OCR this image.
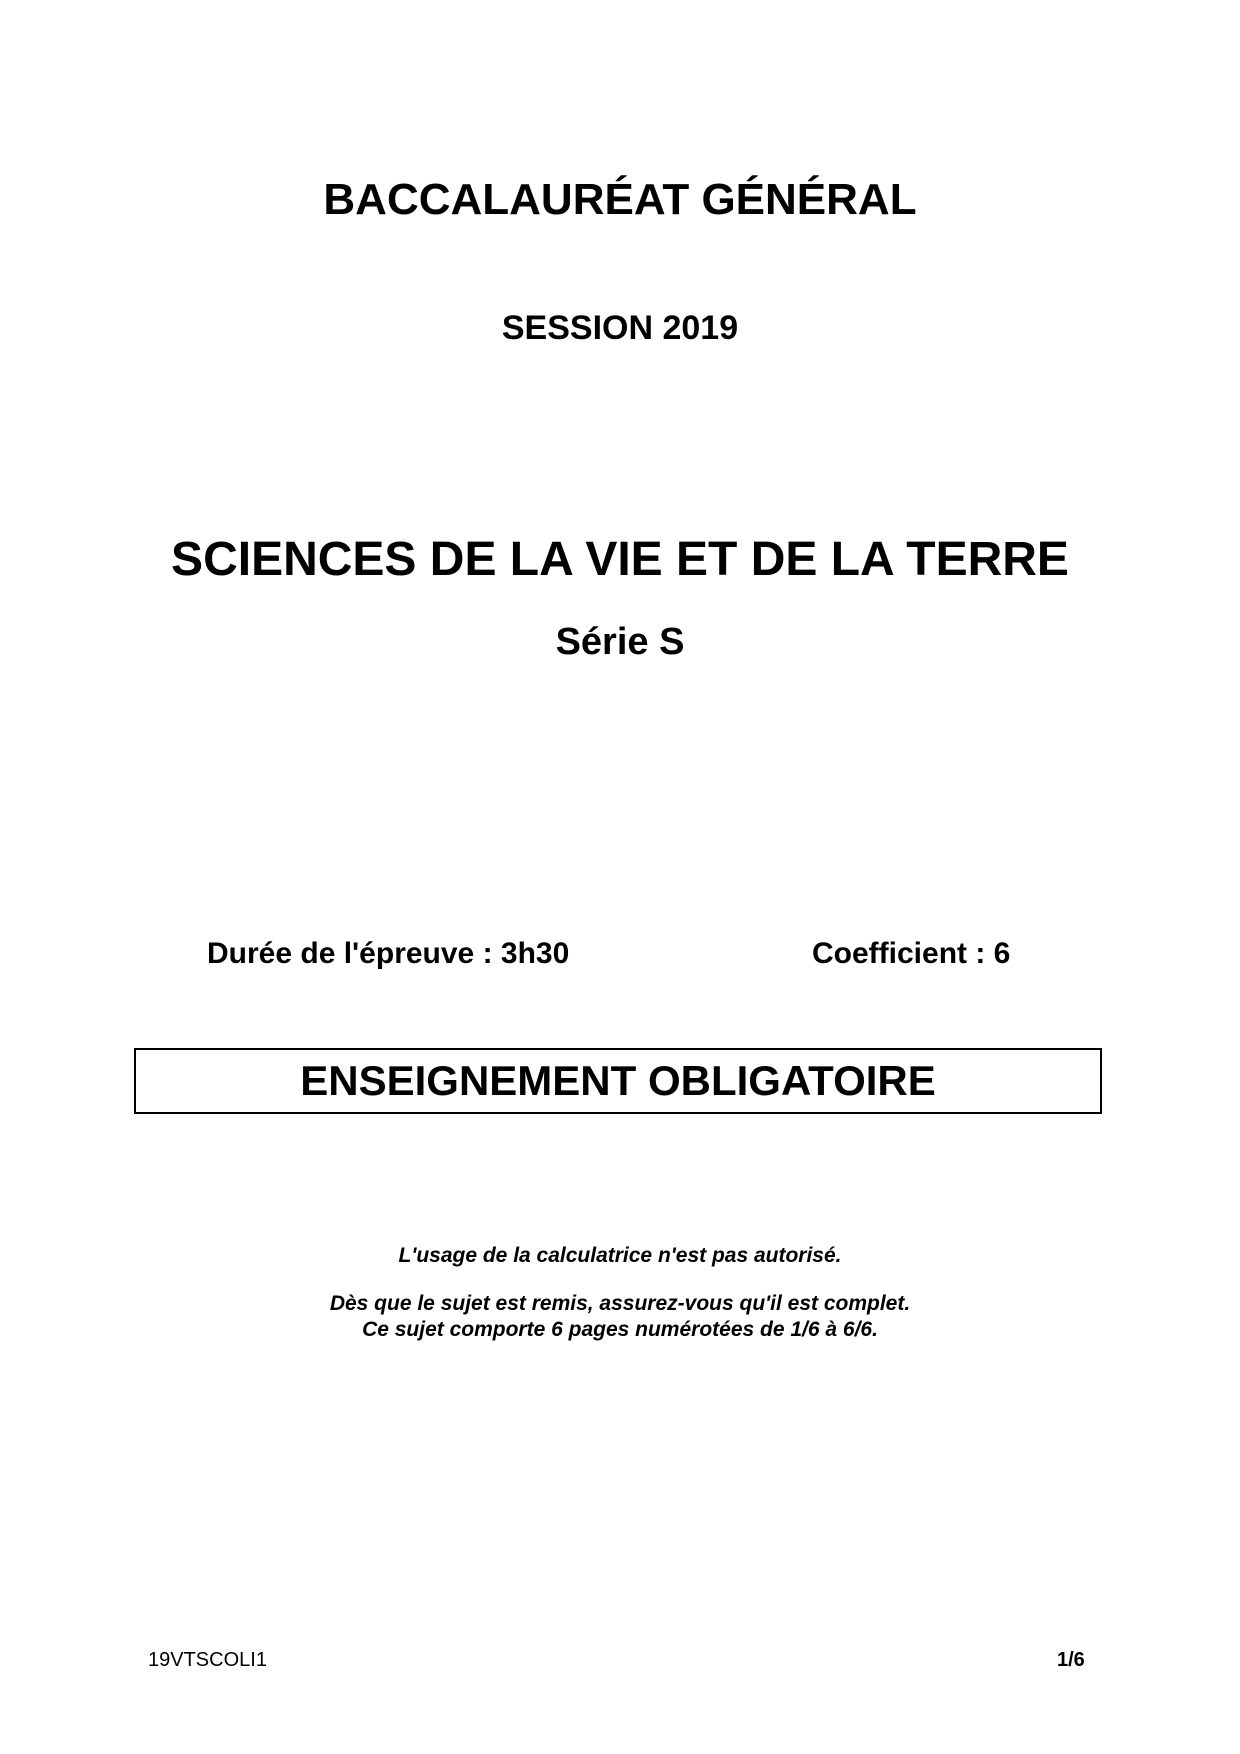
BACCALAURÉAT GÉNÉRAL
SESSION 2019
SCIENCES DE LA VIE ET DE LA TERRE
Série S
Durée de l'épreuve : 3h30	Coefficient : 6
ENSEIGNEMENT OBLIGATOIRE
L'usage de la calculatrice n'est pas autorisé.
Dès que le sujet est remis, assurez-vous qu'il est complet.
Ce sujet comporte 6 pages numérotées de 1/6 à 6/6.
19VTSCOLI1	1/6
